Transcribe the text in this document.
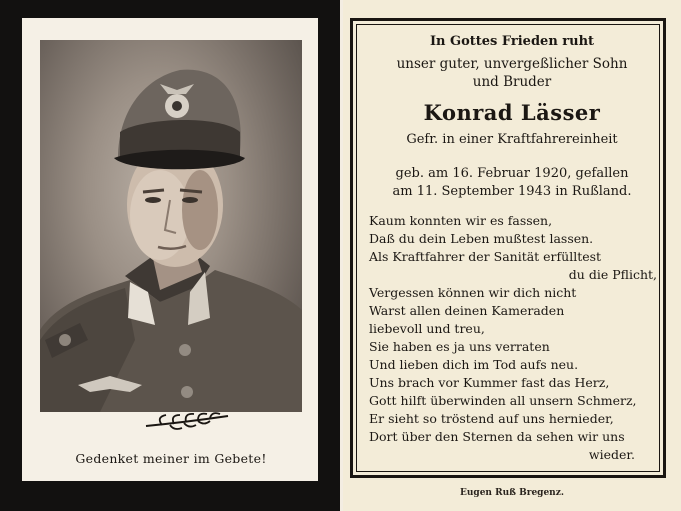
Gedenket meiner im Gebete!
In Gottes Frieden ruht
unser guter, unvergeßlicher Sohn
und Bruder
Konrad Lässer
Gefr. in einer Kraftfahrereinheit
geb. am 16. Februar 1920, gefallen
am 11. September 1943 in Rußland.
Kaum konnten wir es fassen,
Daß du dein Leben mußtest lassen.
Als Kraftfahrer der Sanität erfülltest
du die Pflicht,
Vergessen können wir dich nicht
Warst allen deinen Kameraden
liebevoll und treu,
Sie haben es ja uns verraten
Und lieben dich im Tod aufs neu.
Uns brach vor Kummer fast das Herz,
Gott hilft überwinden all unsern Schmerz,
Er sieht so tröstend auf uns hernieder,
Dort über den Sternen da sehen wir uns
wieder.
Eugen Ruß Bregenz.
